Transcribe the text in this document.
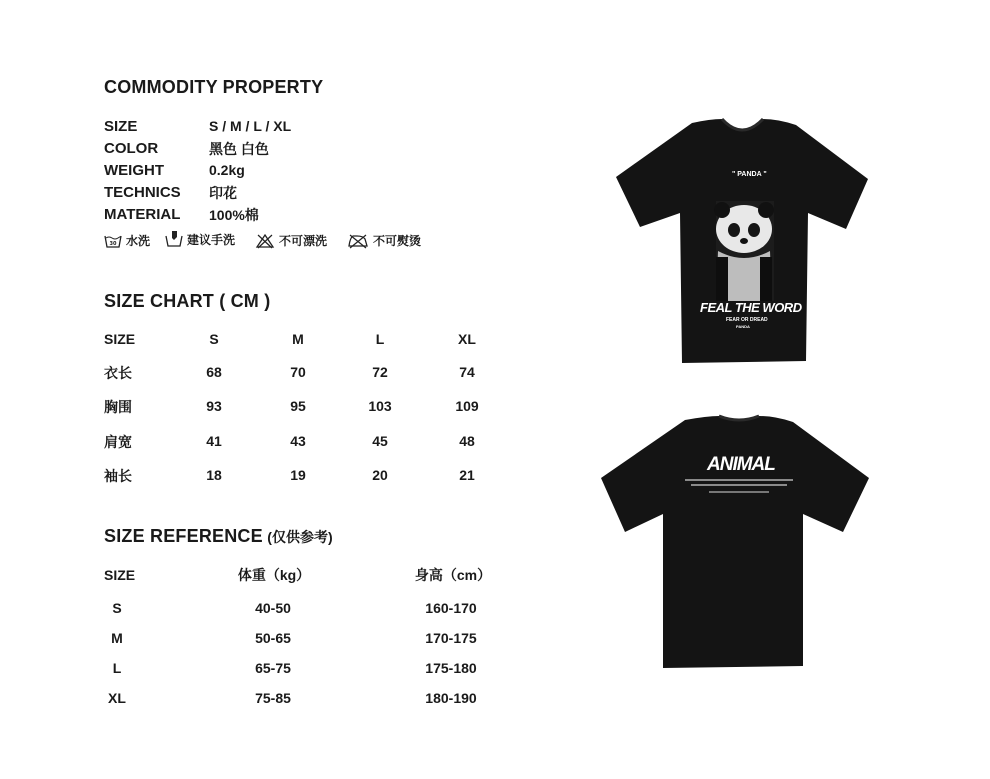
COMMODITY PROPERTY
SIZE	S / M / L / XL
COLOR	黑色 白色
WEIGHT	0.2kg
TECHNICS 印花
MATERIAL 100%棉
30 水洗	建议手洗	不可漂洗	不可熨烫
SIZE CHART ( CM )
SIZE	S	M	L	XL
衣长	68	70	72	74
胸围	93	95	103	109
肩宽	41	43	45	48
袖长	18	19	20	21
SIZE REFERENCE (仅供参考)
SIZE	体重（kg）	身高（cm）
S	40-50	160-170
M	50-65	170-175
L	65-75	175-180
XL	75-85	180-190
" PANDA "
FEAL THE WORD
FEAR OR DREAD
PANDA
ANIMAL
